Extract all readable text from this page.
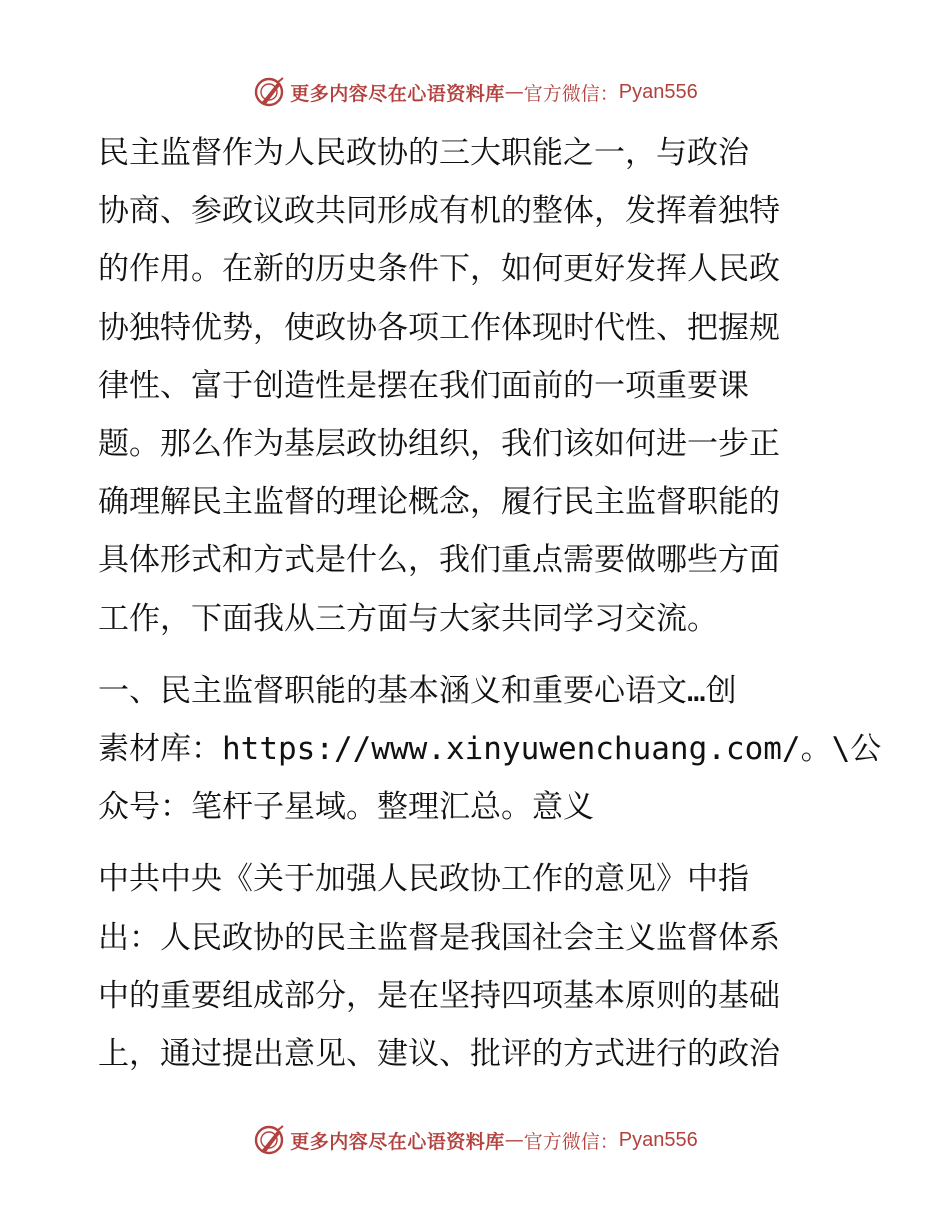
更多内容尽在心语资料库 — 官方微信： Pyan556
民主监督作为人民政协的三大职能之一，与政治
协商、参政议政共同形成有机的整体，发挥着独特
的作用。在新的历史条件下，如何更好发挥人民政
协独特优势，使政协各项工作体现时代性、把握规
律性、富于创造性是摆在我们面前的一项重要课
题。那么作为基层政协组织，我们该如何进一步正
确理解民主监督的理论概念，履行民主监督职能的
具体形式和方式是什么，我们重点需要做哪些方面
工作，下面我从三方面与大家共同学习交流。
一、民主监督职能的基本涵义和重要心语文…创
素材库：https://www.xinyuwenchuang.com/。\公
众号：笔杆子星域。整理汇总。意义
中共中央《关于加强人民政协工作的意见》中指
出：人民政协的民主监督是我国社会主义监督体系
中的重要组成部分，是在坚持四项基本原则的基础
上，通过提出意见、建议、批评的方式进行的政治
更多内容尽在心语资料库 — 官方微信： Pyan556
